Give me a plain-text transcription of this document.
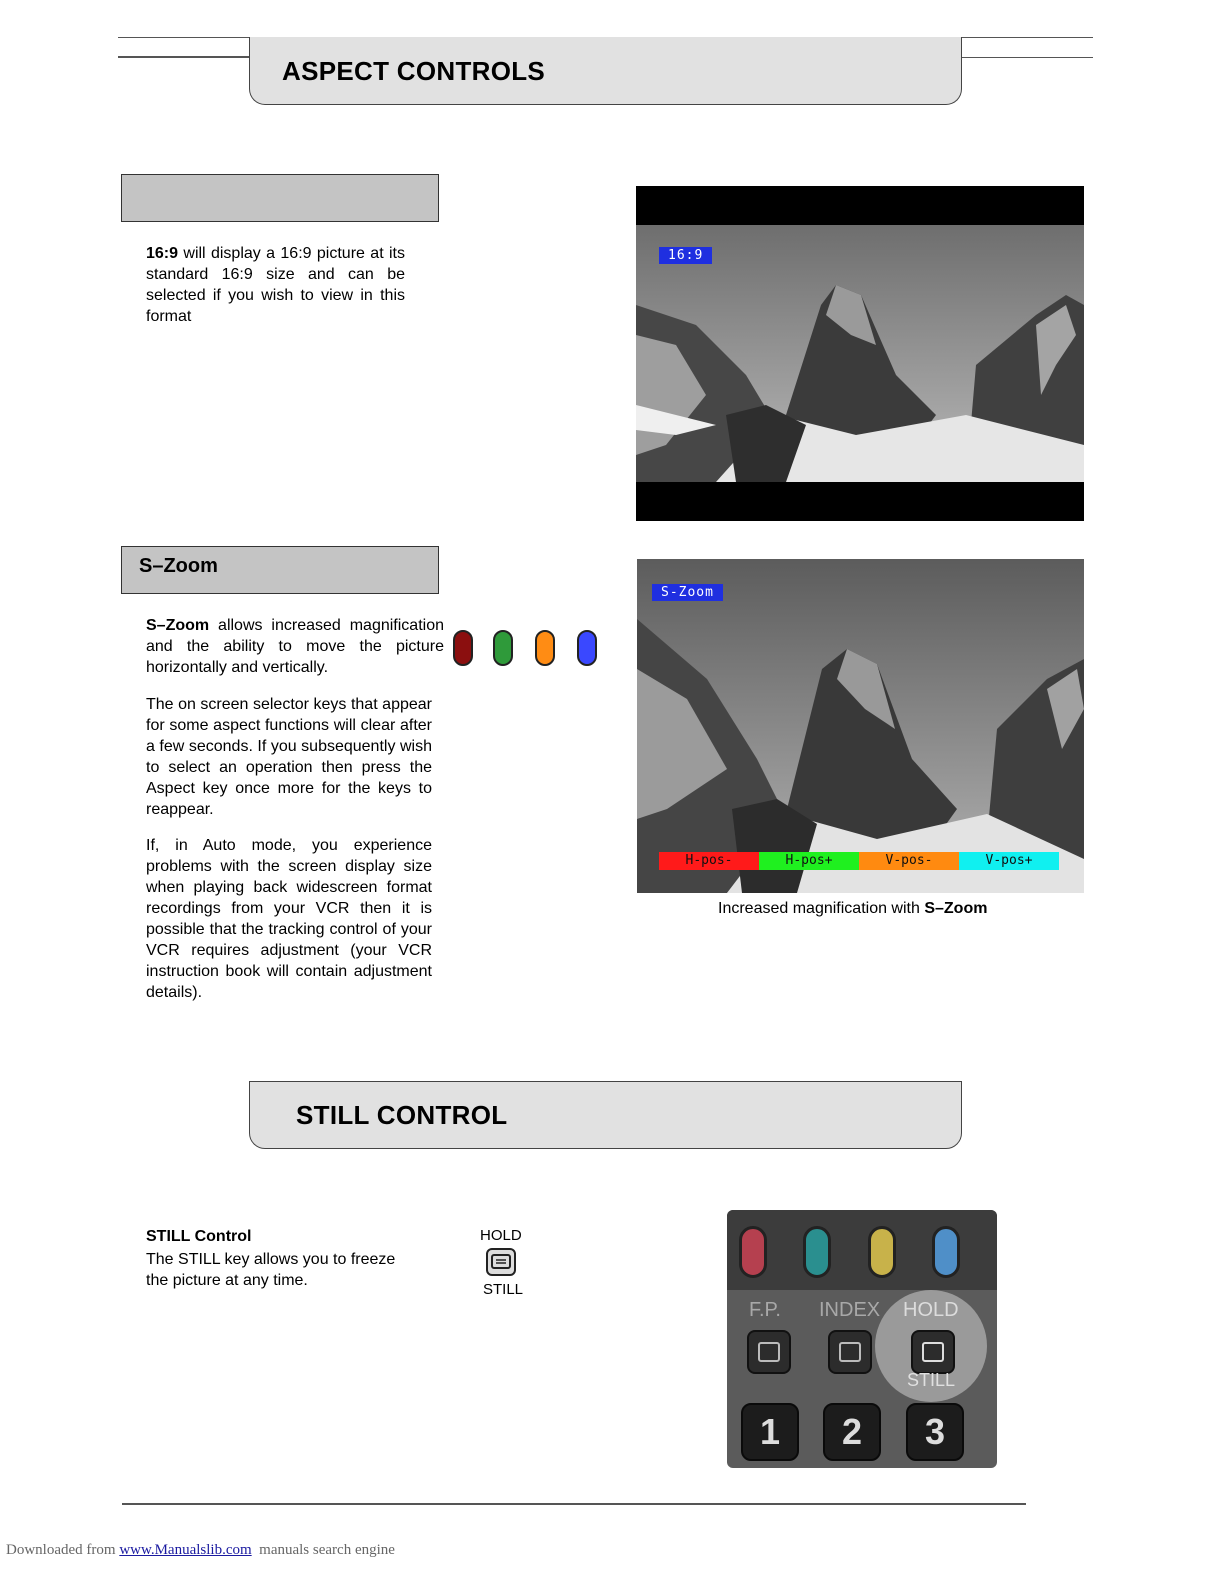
ASPECT CONTROLS
16:9 will display a 16:9 picture at its standard 16:9 size and can be selected if you wish to view in this format
16:9
S–Zoom
S–Zoom allows increased magnification and the ability to move the picture horizontally and vertically.
The on screen selector keys that appear for some aspect functions will clear after a few seconds. If you subsequently wish to select an operation then press the Aspect key once more for the keys to reappear.
If, in Auto mode, you experience problems with the screen display size when playing back widescreen format recordings from your VCR then it is possible that the tracking control of your VCR requires adjustment (your VCR instruction book will contain adjustment details).
S-Zoom
H-pos-	H-pos+	V-pos-	V-pos+
Increased magnification with S–Zoom
STILL CONTROL
STILL Control
The STILL key allows you to freeze the picture at any time.
HOLD
STILL
F.P. INDEX HOLD
STILL
1	2	3
Downloaded from www.Manualslib.com  manuals search engine
